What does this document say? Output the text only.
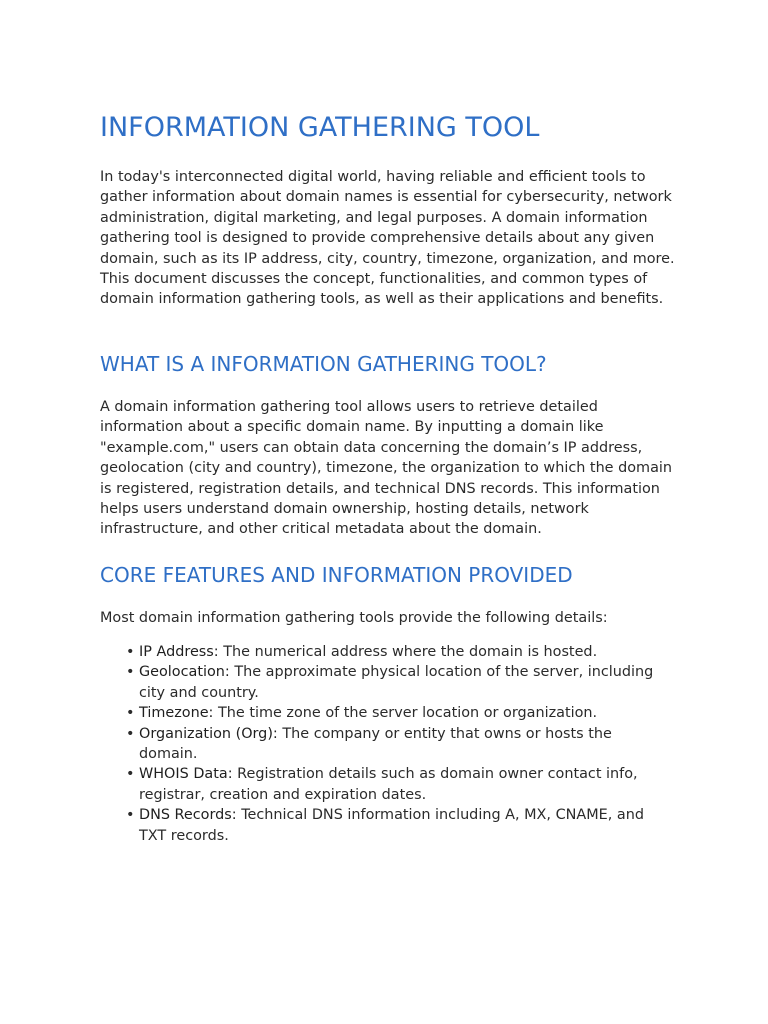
INFORMATION GATHERING TOOL

In today's interconnected digital world, having reliable and efficient tools to gather information about domain names is essential for cybersecurity, network administration, digital marketing, and legal purposes. A domain information gathering tool is designed to provide comprehensive details about any given domain, such as its IP address, city, country, timezone, organization, and more. This document discusses the concept, functionalities, and common types of domain information gathering tools, as well as their applications and benefits.

WHAT IS A INFORMATION GATHERING TOOL?

A domain information gathering tool allows users to retrieve detailed information about a specific domain name. By inputting a domain like "example.com," users can obtain data concerning the domain’s IP address, geolocation (city and country), timezone, the organization to which the domain is registered, registration details, and technical DNS records. This information helps users understand domain ownership, hosting details, network infrastructure, and other critical metadata about the domain.

CORE FEATURES AND INFORMATION PROVIDED

Most domain information gathering tools provide the following details:

• IP Address: The numerical address where the domain is hosted.
• Geolocation: The approximate physical location of the server, including city and country.
• Timezone: The time zone of the server location or organization.
• Organization (Org): The company or entity that owns or hosts the domain.
• WHOIS Data: Registration details such as domain owner contact info, registrar, creation and expiration dates.
• DNS Records: Technical DNS information including A, MX, CNAME, and TXT records.
